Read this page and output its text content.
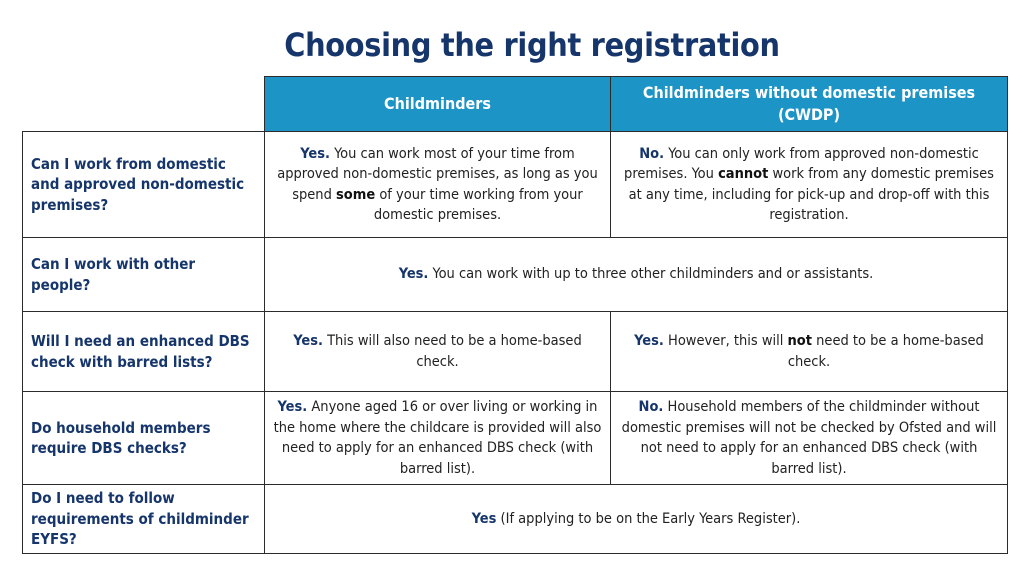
Choosing the right registration
	Childminders	Childminders without domestic premises (CWDP)
Can I work from domestic and approved non-domestic premises?	Yes. You can work most of your time from approved non-domestic premises, as long as you spend some of your time working from your domestic premises.	No. You can only work from approved non-domestic premises. You cannot work from any domestic premises at any time, including for pick-up and drop-off with this registration.
Can I work with other people?	Yes. You can work with up to three other childminders and or assistants.	
Will I need an enhanced DBS check with barred lists?	Yes. This will also need to be a home-based check.	Yes. However, this will not need to be a home-based check.
Do household members require DBS checks?	Yes. Anyone aged 16 or over living or working in the home where the childcare is provided will also need to apply for an enhanced DBS check (with barred list).	No. Household members of the childminder without domestic premises will not be checked by Ofsted and will not need to apply for an enhanced DBS check (with barred list).
Do I need to follow requirements of childminder EYFS?	Yes (If applying to be on the Early Years Register).	
